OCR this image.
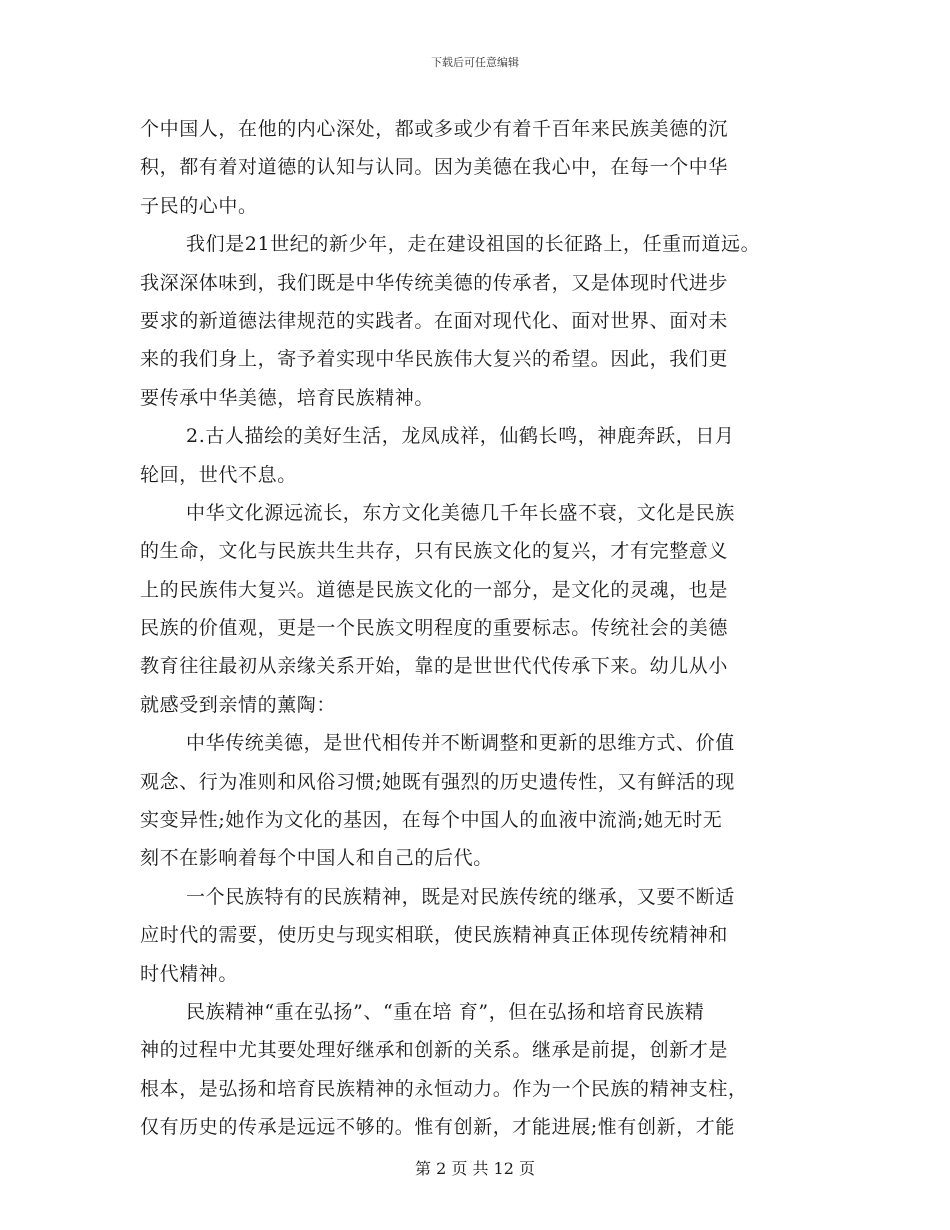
下载后可任意编辑
个中国人，在他的内心深处，都或多或少有着千百年来民族美德的沉
积，都有着对道德的认知与认同。因为美德在我心中，在每一个中华
子民的心中。
我们是21世纪的新少年，走在建设祖国的长征路上，任重而道远。
我深深体味到，我们既是中华传统美德的传承者，又是体现时代进步
要求的新道德法律规范的实践者。在面对现代化、面对世界、面对未
来的我们身上，寄予着实现中华民族伟大复兴的希望。因此，我们更
要传承中华美德，培育民族精神。
2.古人描绘的美好生活，龙凤成祥，仙鹤长鸣，神鹿奔跃，日月
轮回，世代不息。
中华文化源远流长，东方文化美德几千年长盛不衰，文化是民族
的生命，文化与民族共生共存，只有民族文化的复兴，才有完整意义
上的民族伟大复兴。道德是民族文化的一部分，是文化的灵魂，也是
民族的价值观，更是一个民族文明程度的重要标志。传统社会的美德
教育往往最初从亲缘关系开始，靠的是世世代代传承下来。幼儿从小
就感受到亲情的薰陶：
中华传统美德，是世代相传并不断调整和更新的思维方式、价值
观念、行为准则和风俗习惯;她既有强烈的历史遗传性，又有鲜活的现
实变异性;她作为文化的基因，在每个中国人的血液中流淌;她无时无
刻不在影响着每个中国人和自己的后代。
一个民族特有的民族精神，既是对民族传统的继承，又要不断适
应时代的需要，使历史与现实相联，使民族精神真正体现传统精神和
时代精神。
民族精神“重在弘扬”、“重在培 育”，但在弘扬和培育民族精
神的过程中尤其要处理好继承和创新的关系。继承是前提，创新才是
根本，是弘扬和培育民族精神的永恒动力。作为一个民族的精神支柱，
仅有历史的传承是远远不够的。惟有创新，才能进展;惟有创新，才能
第 2 页 共 12 页
